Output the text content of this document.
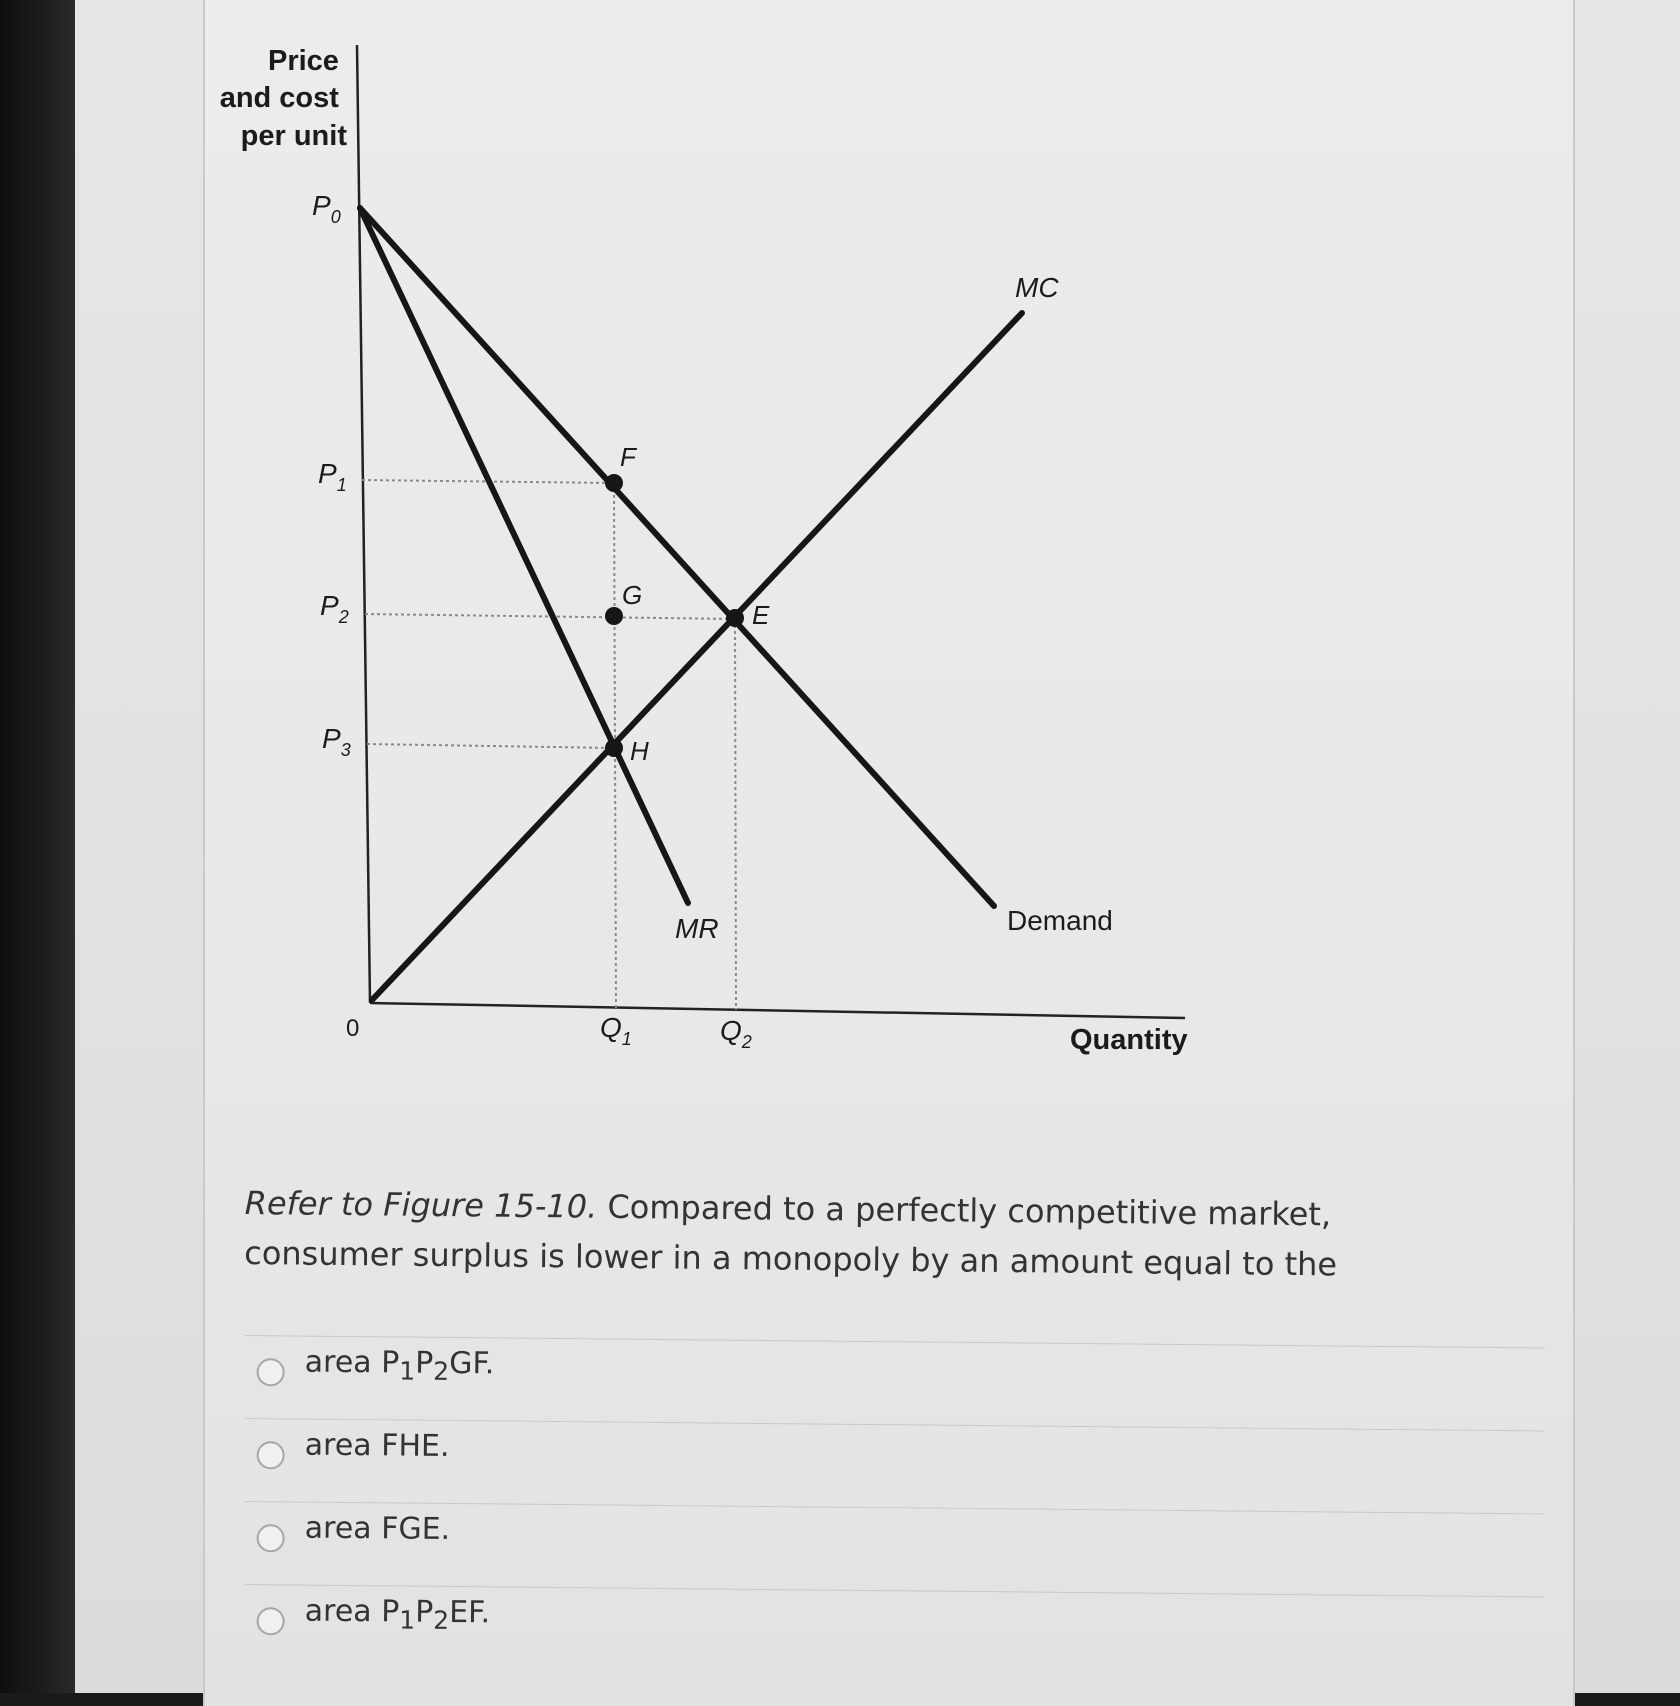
Price and cost per unit
$P_0$
$P_1$
$P_2$
$P_3$
0	$Q_1$	$Q_2$	Quantity
MC
MR	Demand
F
G
E
H
Refer to Figure 15-10. Compared to a perfectly competitive market, consumer surplus is lower in a monopoly by an amount equal to the
area $P_1P_2GF$.
area FHE.
area FGE.
area $P_1P_2EF$.
